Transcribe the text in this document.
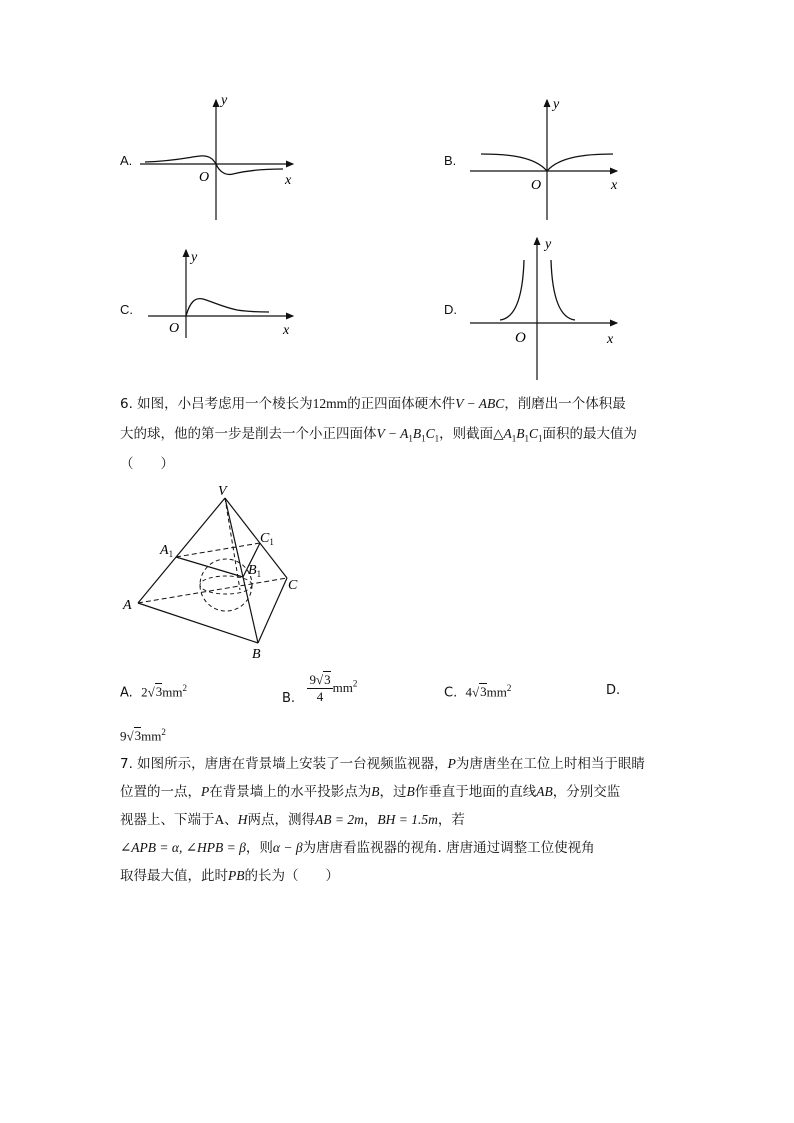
A.
y
x
O
B.
y
x
O
C.
y
x
O
D.
y
x
O
6. 如图，小吕考虑用一个棱长为12mm的正四面体硬木件V − ABC，削磨出一个体积最
大的球，他的第一步是削去一个小正四面体$V - A_1B_1C_1$，则截面$\triangle A_1B_1C_1$面积的最大值为
（　　）
V
$A_1$
$C_1$
$B_1$
A
B
C
A. $2√3mm^2$
B. $\frac{9√3}{4} mm^2$
C. $4√3mm^2$	D.
$9√3mm^2$
7. 如图所示，唐唐在背景墙上安装了一台视频监视器，P为唐唐坐在工位上时相当于眼睛
位置的一点，P在背景墙上的水平投影点为B，过B作垂直于地面的直线AB，分别交监
视器上、下端于A、H两点，测得AB = 2m，BH = 1.5m，若
∠APB = α, ∠HPB = β，则α − β为唐唐看监视器的视角. 唐唐通过调整工位使视角
取得最大值，此时PB的长为（　　）
